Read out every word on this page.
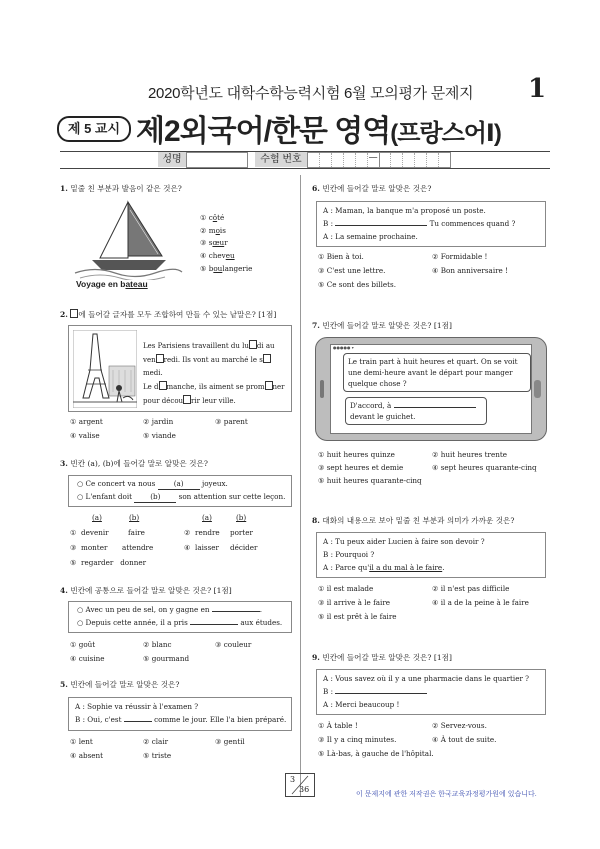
2020학년도 대학수학능력시험 6월 모의평가 문제지 1
제 5 교시 제2외국어/한문 영역(프랑스어Ⅰ)
성명	수험 번호	—
1. 밑줄 친 부분과 발음이 같은 것은?
Voyage en bateau
① côté
② mois
③ sœur
④ cheveu
⑤ boulangerie
2. 에 들어갈 글자를 모두 조합하여 만들 수 있는 낱말은? [1점]
Les Parisiens travaillent du lu di au
ven redi. Ils vont au marché le smedi.
Le d manche, ils aiment se prom ner
pour décou rir leur ville.
① argent	② jardin	③ parent
④ valise	⑤ viande
3. 빈칸 (a), (b)에 들어갈 말로 알맞은 것은?
○ Ce concert va nous	(a)	joyeux.
○ L'enfant doit	(b)	son attention sur cette leçon.
(a)	(b)	(a)	(b)
① devenir	faire	② rendre porter
③ monter attendre	④ laisser décider
⑤ regarder donner
4. 빈칸에 공통으로 들어갈 말로 알맞은 것은? [1점]
○ Avec un peu de sel, on y gagne en	.
○ Depuis cette année, il a pris	aux études.
① goût	② blanc	③ couleur
④ cuisine	⑤ gourmand
5. 빈칸에 들어갈 말로 알맞은 것은?
A : Sophie va réussir à l'examen ?
B : Oui, c'est	comme le jour. Elle l'a bien préparé.
① lent	② clair	③ gentil
④ absent	⑤ triste
6. 빈칸에 들어갈 말로 알맞은 것은?
A : Maman, la banque m'a proposé un poste.
B :	Tu commences quand ?
A : La semaine prochaine.
① Bien à toi.	② Formidable !
③ C'est une lettre.	④ Bon anniversaire !
⑤ Ce sont des billets.
7. 빈칸에 들어갈 말로 알맞은 것은? [1점]
●●●●● ▾
Le train part à huit heures et quart. On se voit une demi-heure avant le départ pour manger quelque chose ?
D'accord, à
devant le guichet.
① huit heures quinze	② huit heures trente
③ sept heures et demie	④ sept heures quarante-cinq
⑤ huit heures quarante-cinq
8. 대화의 내용으로 보아 밑줄 친 부분과 의미가 가까운 것은?
A : Tu peux aider Lucien à faire son devoir ?
B : Pourquoi ?
A : Parce qu'il a du mal à le faire.
① il est malade	② il n'est pas difficile
③ il arrive à le faire	④ il a de la peine à le faire
⑤ il est prêt à le faire
9. 빈칸에 들어갈 말로 알맞은 것은? [1점]
A : Vous savez où il y a une pharmacie dans le quartier ?
B :
A : Merci beaucoup !
① À table !	② Servez-vous.
③ Il y a cinq minutes.	④ À tout de suite.
⑤ Là-bas, à gauche de l'hôpital.
3
36
이 문제지에 관한 저작권은 한국교육과정평가원에 있습니다.
